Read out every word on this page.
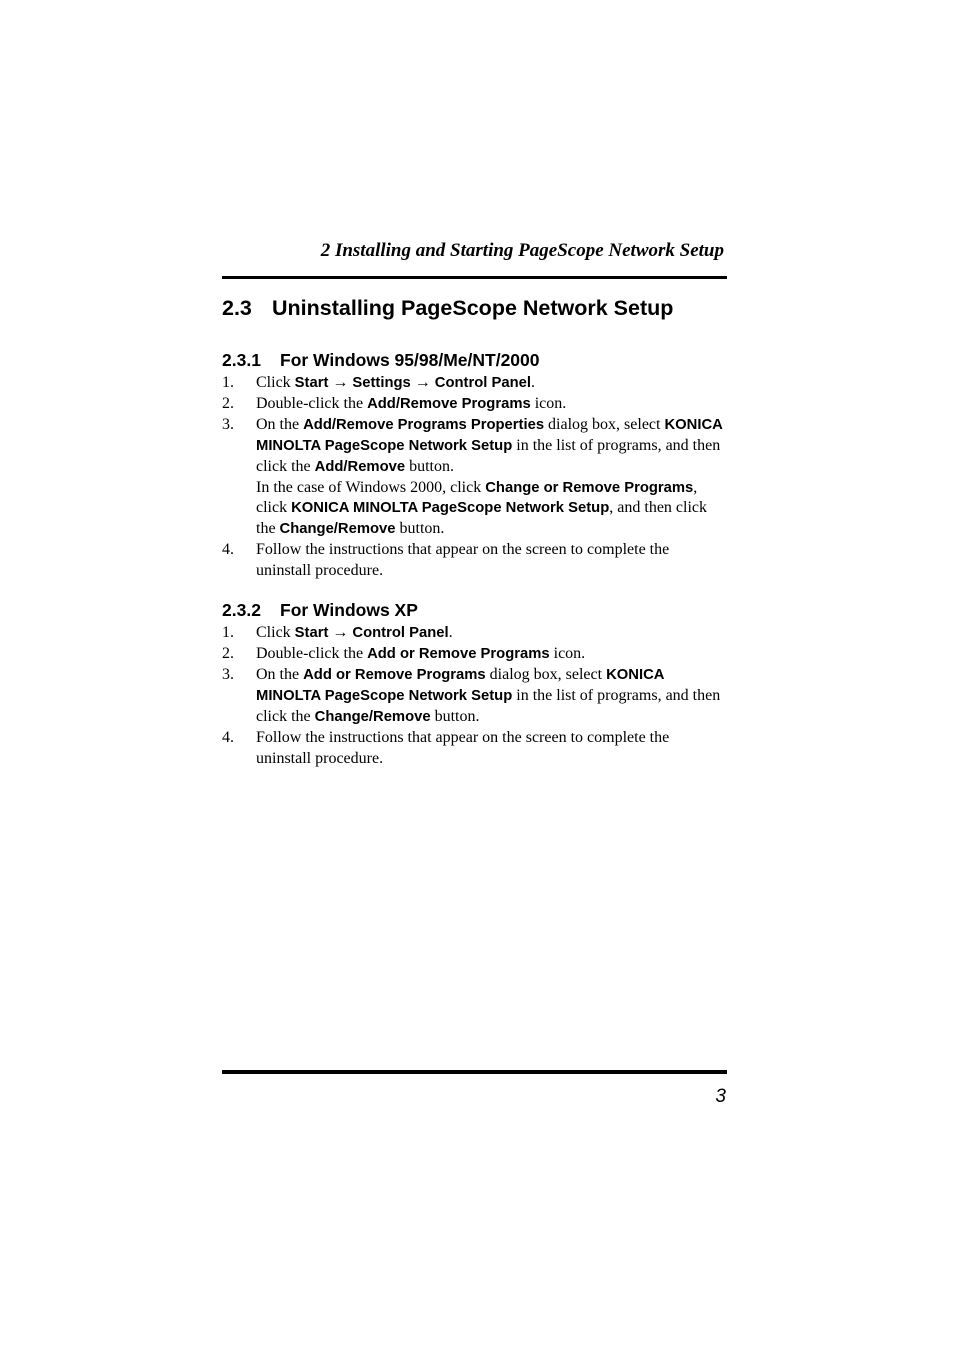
2 Installing and Starting PageScope Network Setup
2.3 Uninstalling PageScope Network Setup
2.3.1	For Windows 95/98/Me/NT/2000
1.	Click Start → Settings → Control Panel.
2.	Double-click the Add/Remove Programs icon.
3.	On the Add/Remove Programs Properties dialog box, select KONICA MINOLTA PageScope Network Setup in the list of programs, and then click the Add/Remove button.
In the case of Windows 2000, click Change or Remove Programs, click KONICA MINOLTA PageScope Network Setup, and then click the Change/Remove button.
4.	Follow the instructions that appear on the screen to complete the uninstall procedure.
2.3.2	For Windows XP
1.	Click Start → Control Panel.
2.	Double-click the Add or Remove Programs icon.
3.	On the Add or Remove Programs dialog box, select KONICA MINOLTA PageScope Network Setup in the list of programs, and then click the Change/Remove button.
4.	Follow the instructions that appear on the screen to complete the uninstall procedure.
3
